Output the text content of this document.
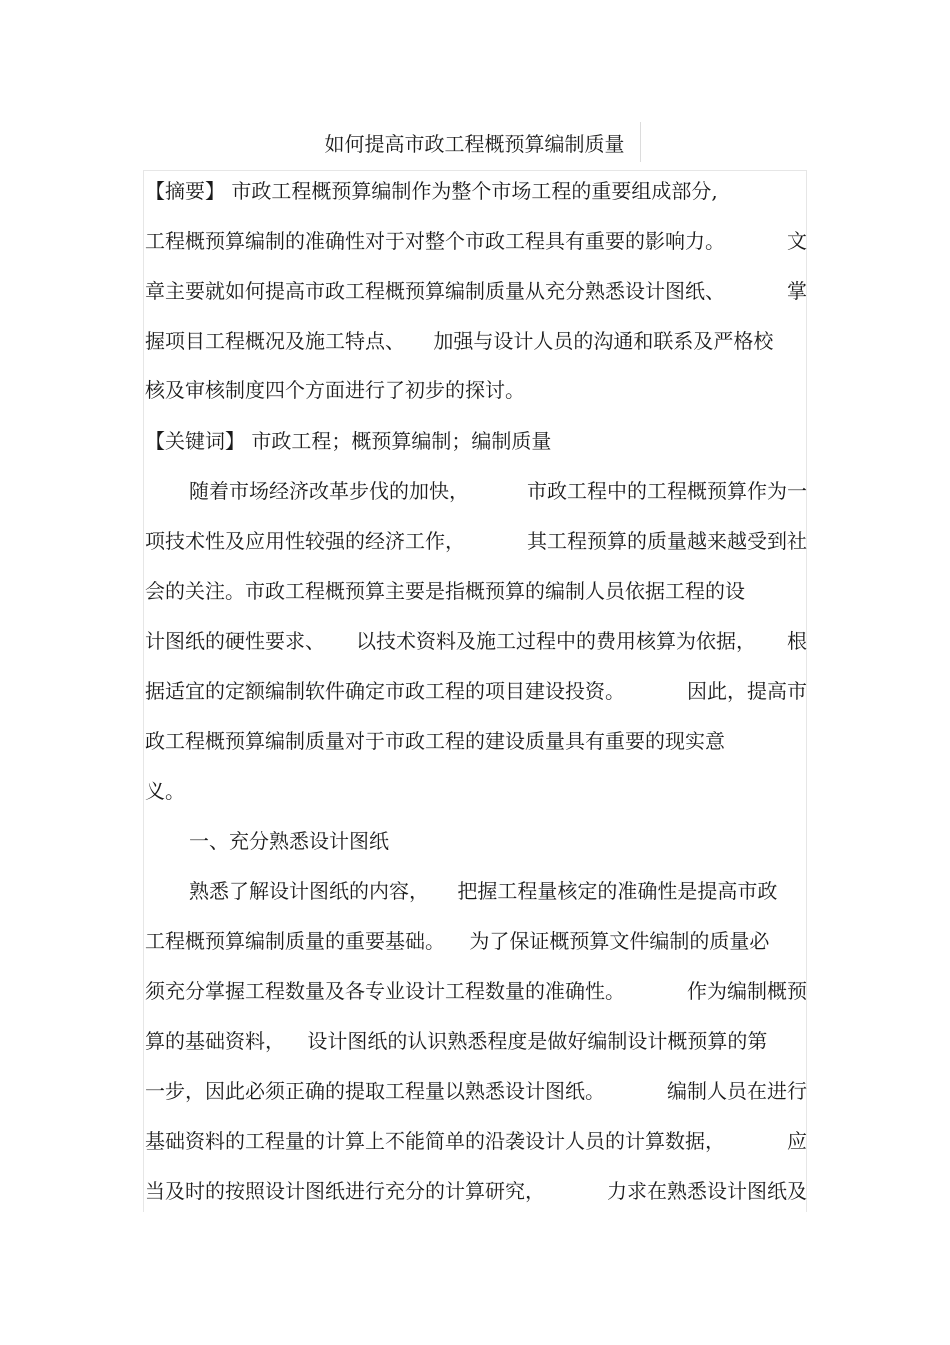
如何提高市政工程概预算编制质量
【摘要】 市政工程概预算编制作为整个市场工程的重要组成部分,
工程概预算编制的准确性对于对整个市政工程具有重要的影响力。	文
章主要就如何提高市政工程概预算编制质量从充分熟悉设计图纸、	掌
握项目工程概况及施工特点、 加强与设计人员的沟通和联系及严格校
核及审核制度四个方面进行了初步的探讨。
【关键词】 市政工程；概预算编制；编制质量
随着市场经济改革步伐的加快，	市政工程中的工程概预算作为一
项技术性及应用性较强的经济工作，	其工程预算的质量越来越受到社
会的关注。市政工程概预算主要是指概预算的编制人员依据工程的设
计图纸的硬性要求、 以技术资料及施工过程中的费用核算为依据， 根
据适宜的定额编制软件确定市政工程的项目建设投资。	因此，提高市
政工程概预算编制质量对于市政工程的建设质量具有重要的现实意
义。
一、充分熟悉设计图纸
熟悉了解设计图纸的内容， 把握工程量核定的准确性是提高市政
工程概预算编制质量的重要基础。 为了保证概预算文件编制的质量必
须充分掌握工程数量及各专业设计工程数量的准确性。	作为编制概预
算的基础资料， 设计图纸的认识熟悉程度是做好编制设计概预算的第
一步，因此必须正确的提取工程量以熟悉设计图纸。	编制人员在进行
基础资料的工程量的计算上不能简单的沿袭设计人员的计算数据，	应
当及时的按照设计图纸进行充分的计算研究，	力求在熟悉设计图纸及
